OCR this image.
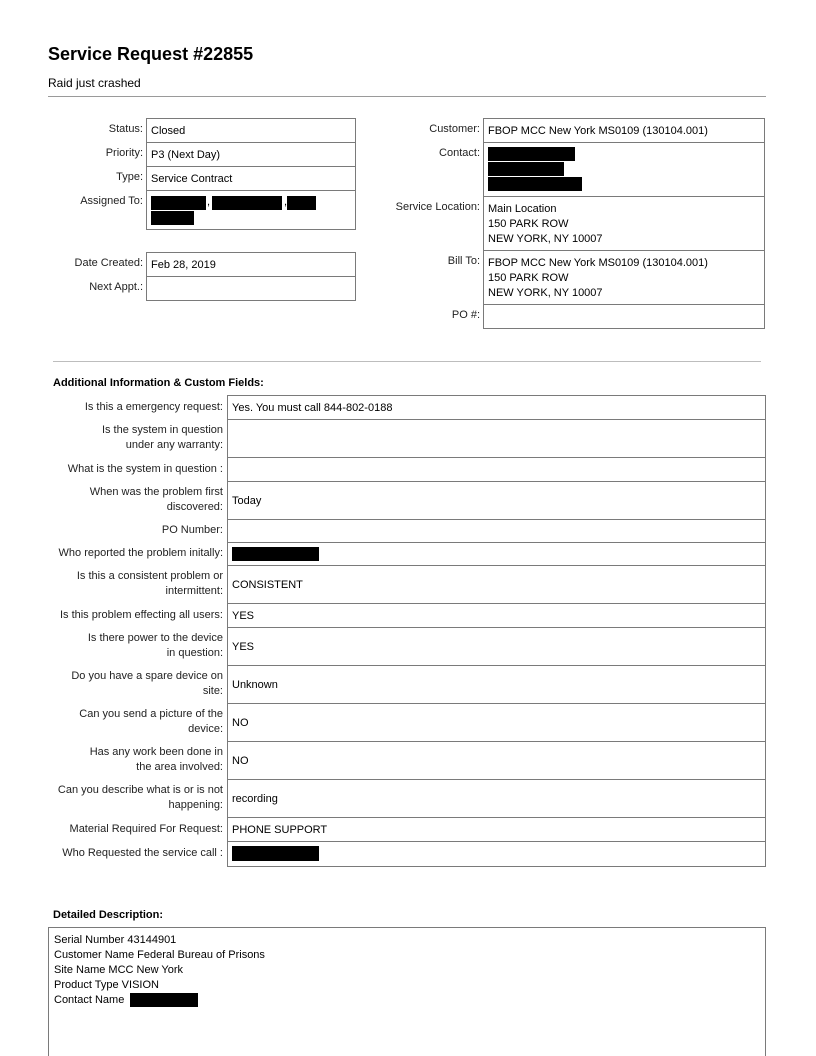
Service Request #22855
Raid just crashed
Status:
Priority:
Type:
Assigned To:
Closed
P3 (Next Day)
Service Contract
,	,
Date Created:
Next Appt.:
Feb 28, 2019
Customer:
Contact:
Service Location:
Bill To:
PO #:
FBOP MCC New York MS0109 (130104.001)
Main Location
150 PARK ROW
NEW YORK, NY 10007
FBOP MCC New York MS0109 (130104.001)
150 PARK ROW
NEW YORK, NY 10007
Additional Information & Custom Fields:
Is this a emergency request:
Is the system in question under any warranty:
What is the system in question :
When was the problem first discovered:
PO Number:
Who reported the problem initally:
Is this a consistent problem or intermittent:
Is this problem effecting all users:
Is there power to the device in question:
Do you have a spare device on site:
Can you send a picture of the device:
Has any work been done in the area involved:
Can you describe what is or is not happening:
Material Required For Request:
Who Requested the service call :
Yes. You must call 844-802-0188
Today
CONSISTENT
YES
YES
Unknown
NO
NO
recording
PHONE SUPPORT
Detailed Description:
Serial Number 43144901
Customer Name Federal Bureau of Prisons
Site Name MCC New York
Product Type VISION
Contact Name
